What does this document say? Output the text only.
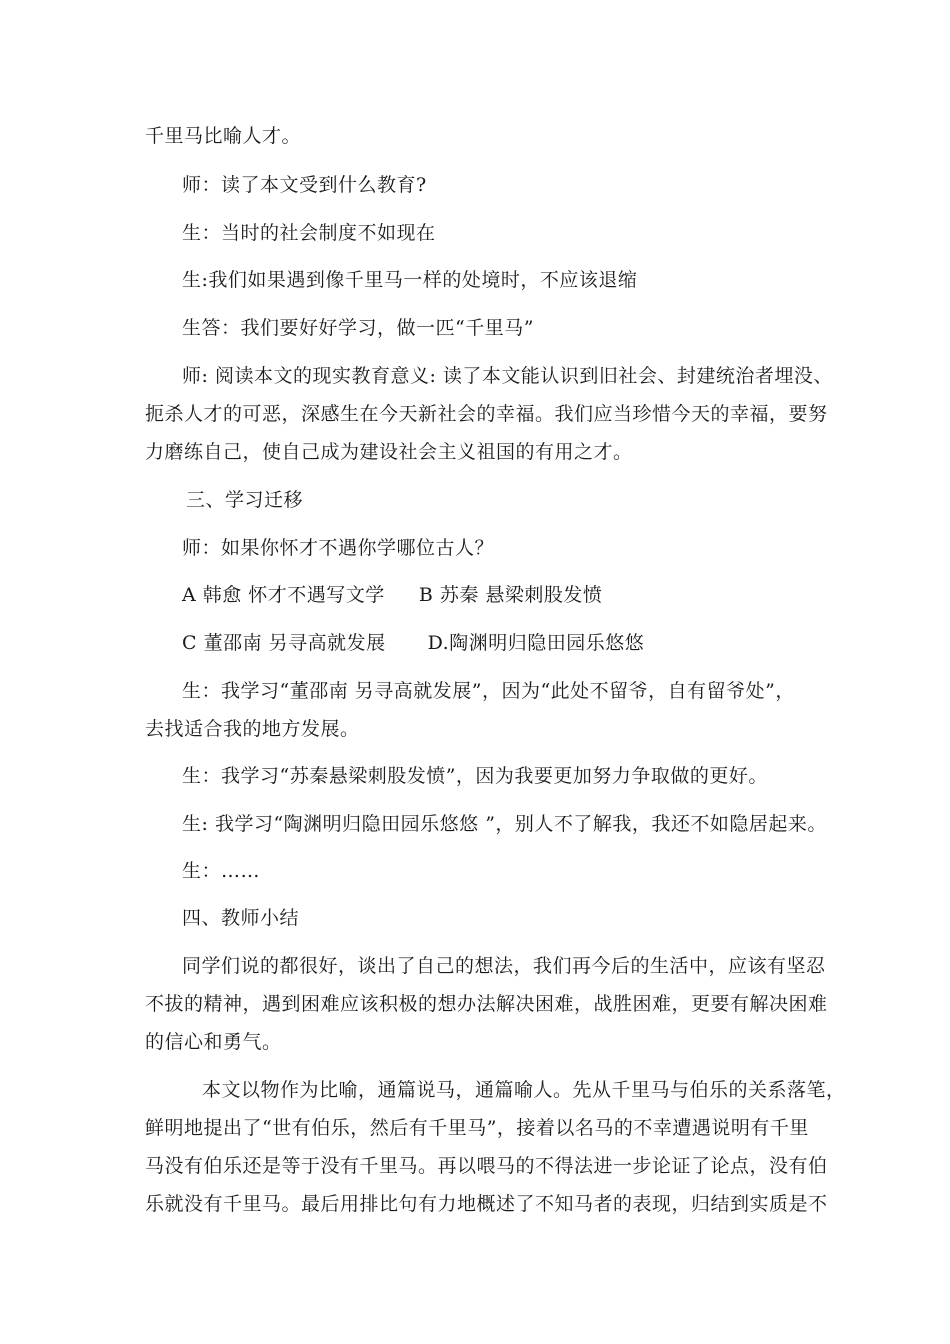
千里马比喻人才。
师：读了本文受到什么教育?
生：当时的社会制度不如现在
生:我们如果遇到像千里马一样的处境时，不应该退缩
生答：我们要好好学习，做一匹“千里马”
师: 阅读本文的现实教育意义: 读了本文能认识到旧社会、封建统治者埋没、
扼杀人才的可恶，深感生在今天新社会的幸福。我们应当珍惜今天的幸福，要努
力磨练自己，使自己成为建设社会主义祖国的有用之才。
三、学习迁移
师：如果你怀才不遇你学哪位古人？
A 韩愈 怀才不遇写文学 B 苏秦 悬梁刺股发愤
C 董邵南 另寻高就发展 D.陶渊明归隐田园乐悠悠
生：我学习“董邵南 另寻高就发展”，因为“此处不留爷，自有留爷处”，
去找适合我的地方发展。
生：我学习“苏秦悬梁刺股发愤”，因为我要更加努力争取做的更好。
生: 我学习“陶渊明归隐田园乐悠悠 ”，别人不了解我，我还不如隐居起来。
生：……
四、教师小结
同学们说的都很好，谈出了自己的想法，我们再今后的生活中，应该有坚忍
不拔的精神，遇到困难应该积极的想办法解决困难，战胜困难，更要有解决困难
的信心和勇气。
本文以物作为比喻，通篇说马，通篇喻人。先从千里马与伯乐的关系落笔，
鲜明地提出了“世有伯乐，然后有千里马”，接着以名马的不幸遭遇说明有千里
马没有伯乐还是等于没有千里马。再以喂马的不得法进一步论证了论点，没有伯
乐就没有千里马。最后用排比句有力地概述了不知马者的表现，归结到实质是不
